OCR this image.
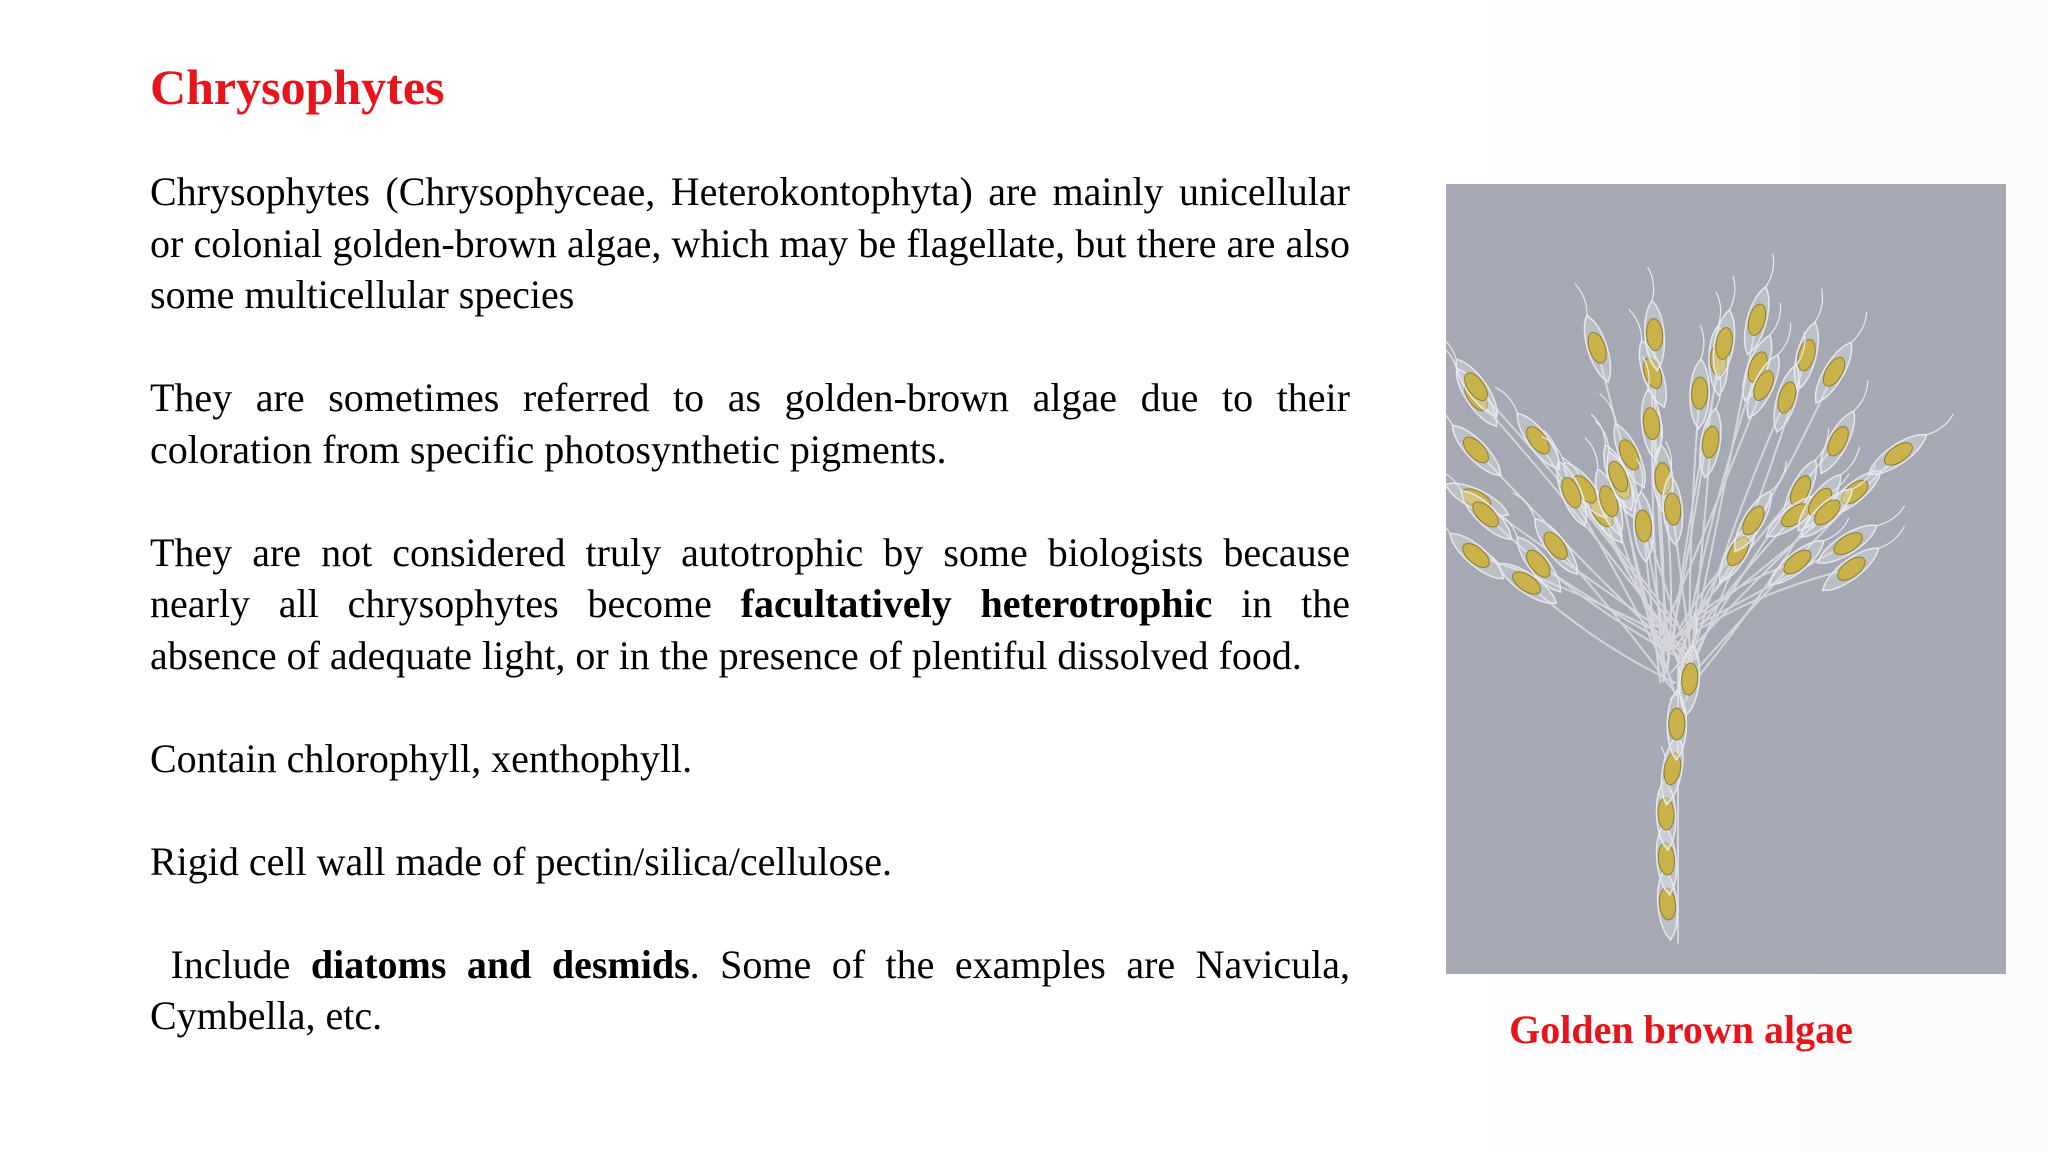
Chrysophytes

Chrysophytes (Chrysophyceae, Heterokontophyta) are mainly unicellular or colonial golden-brown algae, which may be flagellate, but there are also some multicellular species

They are sometimes referred to as golden-brown algae due to their coloration from specific photosynthetic pigments.

They are not considered truly autotrophic by some biologists because nearly all chrysophytes become facultatively heterotrophic in the absence of adequate light, or in the presence of plentiful dissolved food.

Contain chlorophyll, xenthophyll.

Rigid cell wall made of pectin/silica/cellulose.

Include diatoms and desmids. Some of the examples are Navicula, Cymbella, etc.	Golden brown algae
